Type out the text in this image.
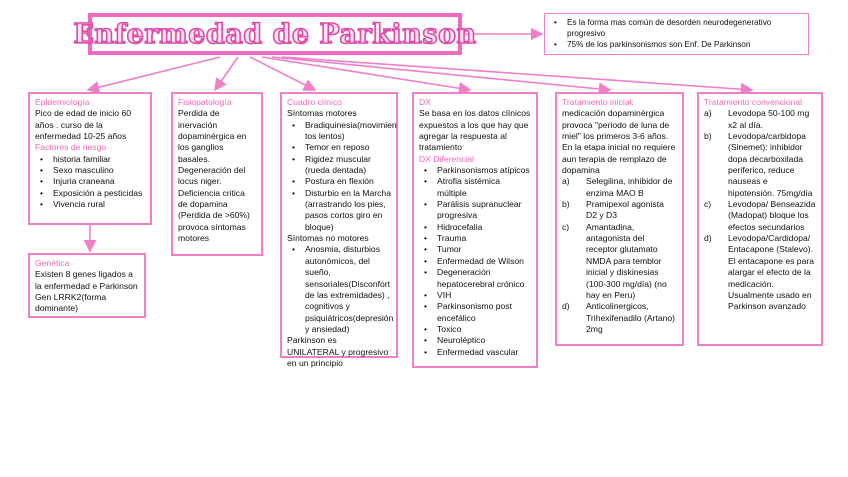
Enfermedad de Parkinson
•	Es la forma mas común de desorden neurodegenerativo progresivo
• 75% de los parkinsonismos son Enf. De Parkinson
Epidemiología
Pico de edad de inicio 60 años . curso de la enfermedad 10-25 años
Factores de riesgo
• historia familiar
• Sexo masculino
• Injuria craneana
• Exposición a pesticidas
• Vivencia rural
Genética
Existen 8 genes ligados a la enfermedad e Parkinson Gen LRRK2(forma dominante)
Fisiopatología
Perdida de inervación dopaminérgica en los ganglios basales. Degeneración del locus niger. Deficiencia critica de dopamina (Perdida de >60%) provoca síntomas motores
Cuadro clínico
Síntomas motores
• Bradiquinesia(movimien tos lentos)
• Temor en reposo
• Rigidez muscular (rueda dentada)
• Postura en flexión
• Disturbio en la Marcha (arrastrando los pies, pasos cortos giro en bloque)
Síntomas no motores
• Anosmia, disturbios autonómicos, del sueño, sensoriales(Disconfort de las extremidades) , cognitivos y psiquiátricos(depresión y ansiedad)
Parkinson es UNILATERAL y progresivo en un principio
DX
Se basa en los datos clínicos expuestos a los que hay que agregar la respuesta al tratamiento
DX Diferencial
• Parkinsonismos atípicos
• Atrofia sistémica múltiple
• Parálisis supranuclear progresiva
• Hidrocefalia
• Trauma
• Tumor
• Enfermedad de Wilson
• Degeneración hepatocerebral crónico
• VIH
• Parkinsonismo post encefálico
• Toxico
• Neuroléptico
• Enfermedad vascular
Tratamiento inicial:
medicación dopaminérgica provoca "periodo de luna de miel" los primeros 3-6 años.
En la etapa inicial no requiere aun terapia de remplazo de dopamina
a) Selegilina, inhibidor de enzima MAO B
b) Pramipexol agonista D2 y D3
c) Amantadina, antagonista del receptor glutamato NMDA para temblor inicial y diskinesias (100-300 mg/día) (no hay en Peru)
d) Anticolinergicos, Trihexifenadilo (Artano) 2mg
Tratamiento convencional
a) Levodopa 50-100 mg x2 al día.
b) Levodopa/carbidopa (Sinemet): inhibidor dopa decarboxilada periferico, reduce nauseas e hipotensión. 75mg/día
c) Levodopa/ Benseazida (Madopat) bloque los efectos secundarios
d) Levodopa/Cardidopa/ Entacapone (Stalevo). El entacapone es para alargar el efecto de la medicación. Usualmente usado en Parkinson avanzado
